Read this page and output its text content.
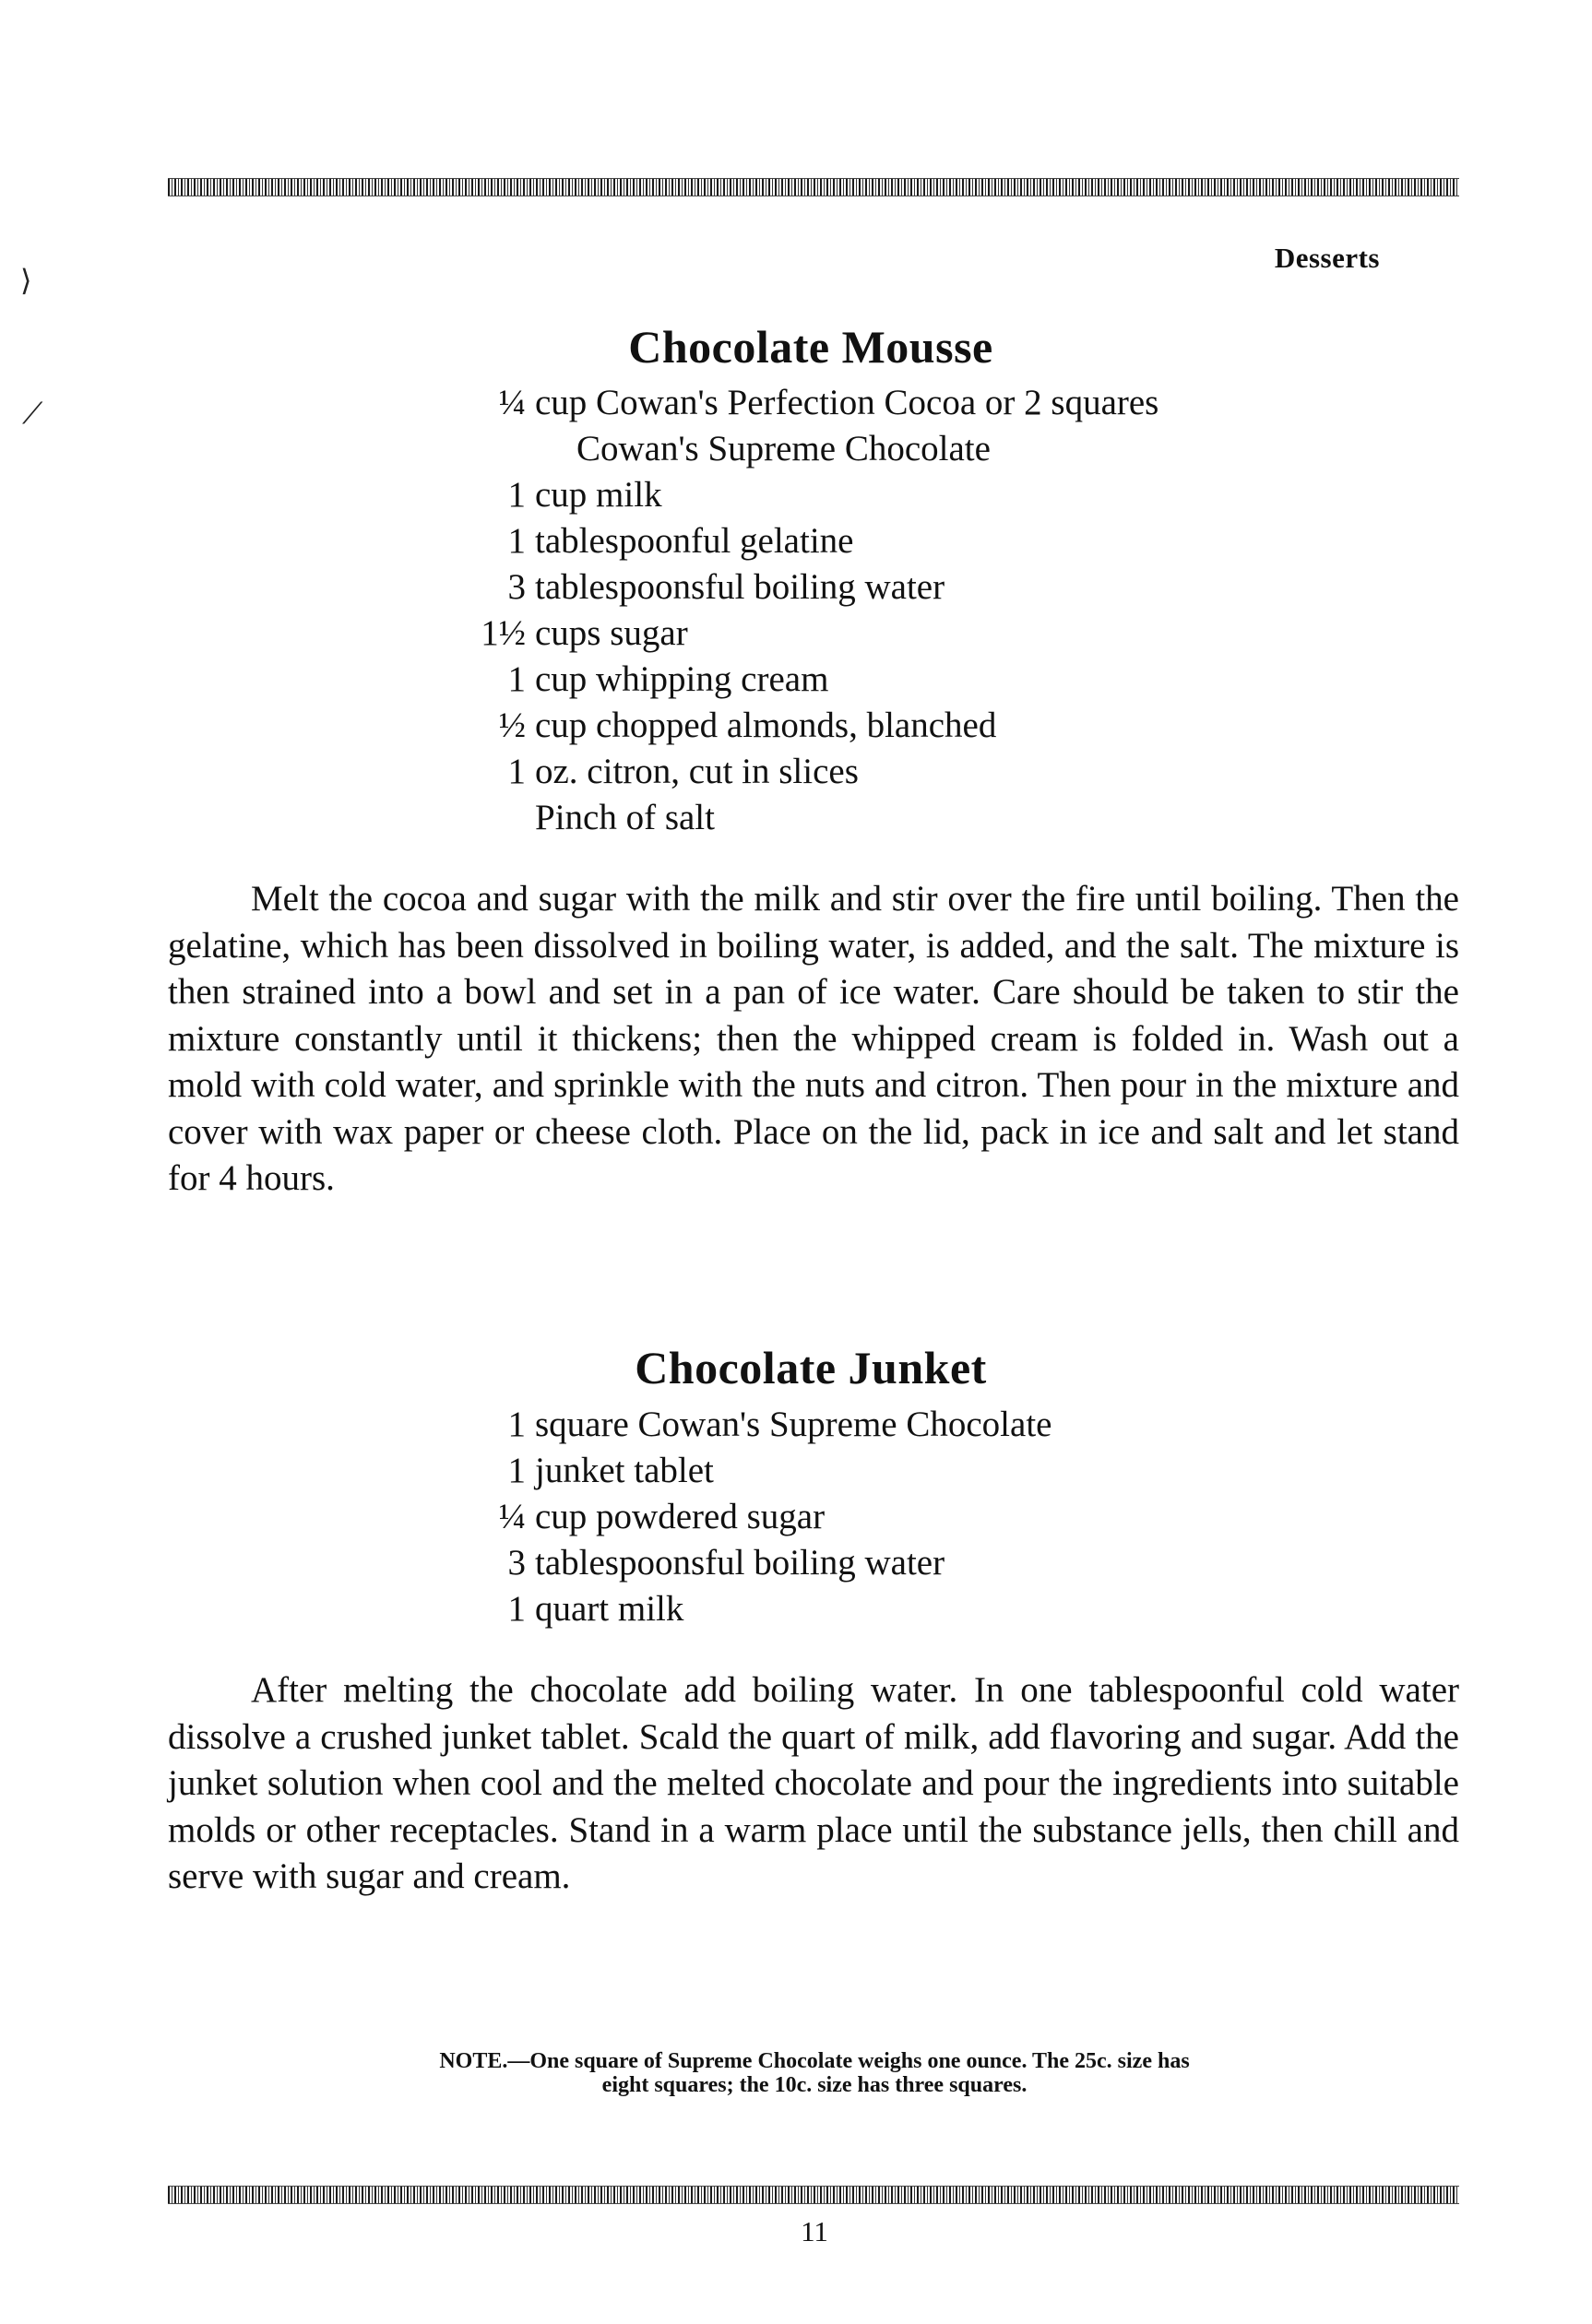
⟩
⟋
Desserts
Chocolate Mousse
¼ cup Cowan's Perfection Cocoa or 2 squares
Cowan's Supreme Chocolate
1 cup milk
1 tablespoonful gelatine
3 tablespoonsful boiling water
1½ cups sugar
1 cup whipping cream
½ cup chopped almonds, blanched
1 oz. citron, cut in slices
Pinch of salt

Melt the cocoa and sugar with the milk and stir over the fire until boiling. Then the gelatine, which has been dissolved in boiling water, is added, and the salt. The mixture is then strained into a bowl and set in a pan of ice water. Care should be taken to stir the mixture constantly until it thickens; then the whipped cream is folded in. Wash out a mold with cold water, and sprinkle with the nuts and citron. Then pour in the mixture and cover with wax paper or cheese cloth. Place on the lid, pack in ice and salt and let stand for 4 hours.

Chocolate Junket
1 square Cowan's Supreme Chocolate
1 junket tablet
¼ cup powdered sugar
3 tablespoonsful boiling water
1 quart milk

After melting the chocolate add boiling water. In one tablespoonful cold water dissolve a crushed junket tablet. Scald the quart of milk, add flavoring and sugar. Add the junket solution when cool and the melted chocolate and pour the ingredients into suitable molds or other receptacles. Stand in a warm place until the substance jells, then chill and serve with sugar and cream.

NOTE.—One square of Supreme Chocolate weighs one ounce. The 25c. size has
eight squares; the 10c. size has three squares.
11
